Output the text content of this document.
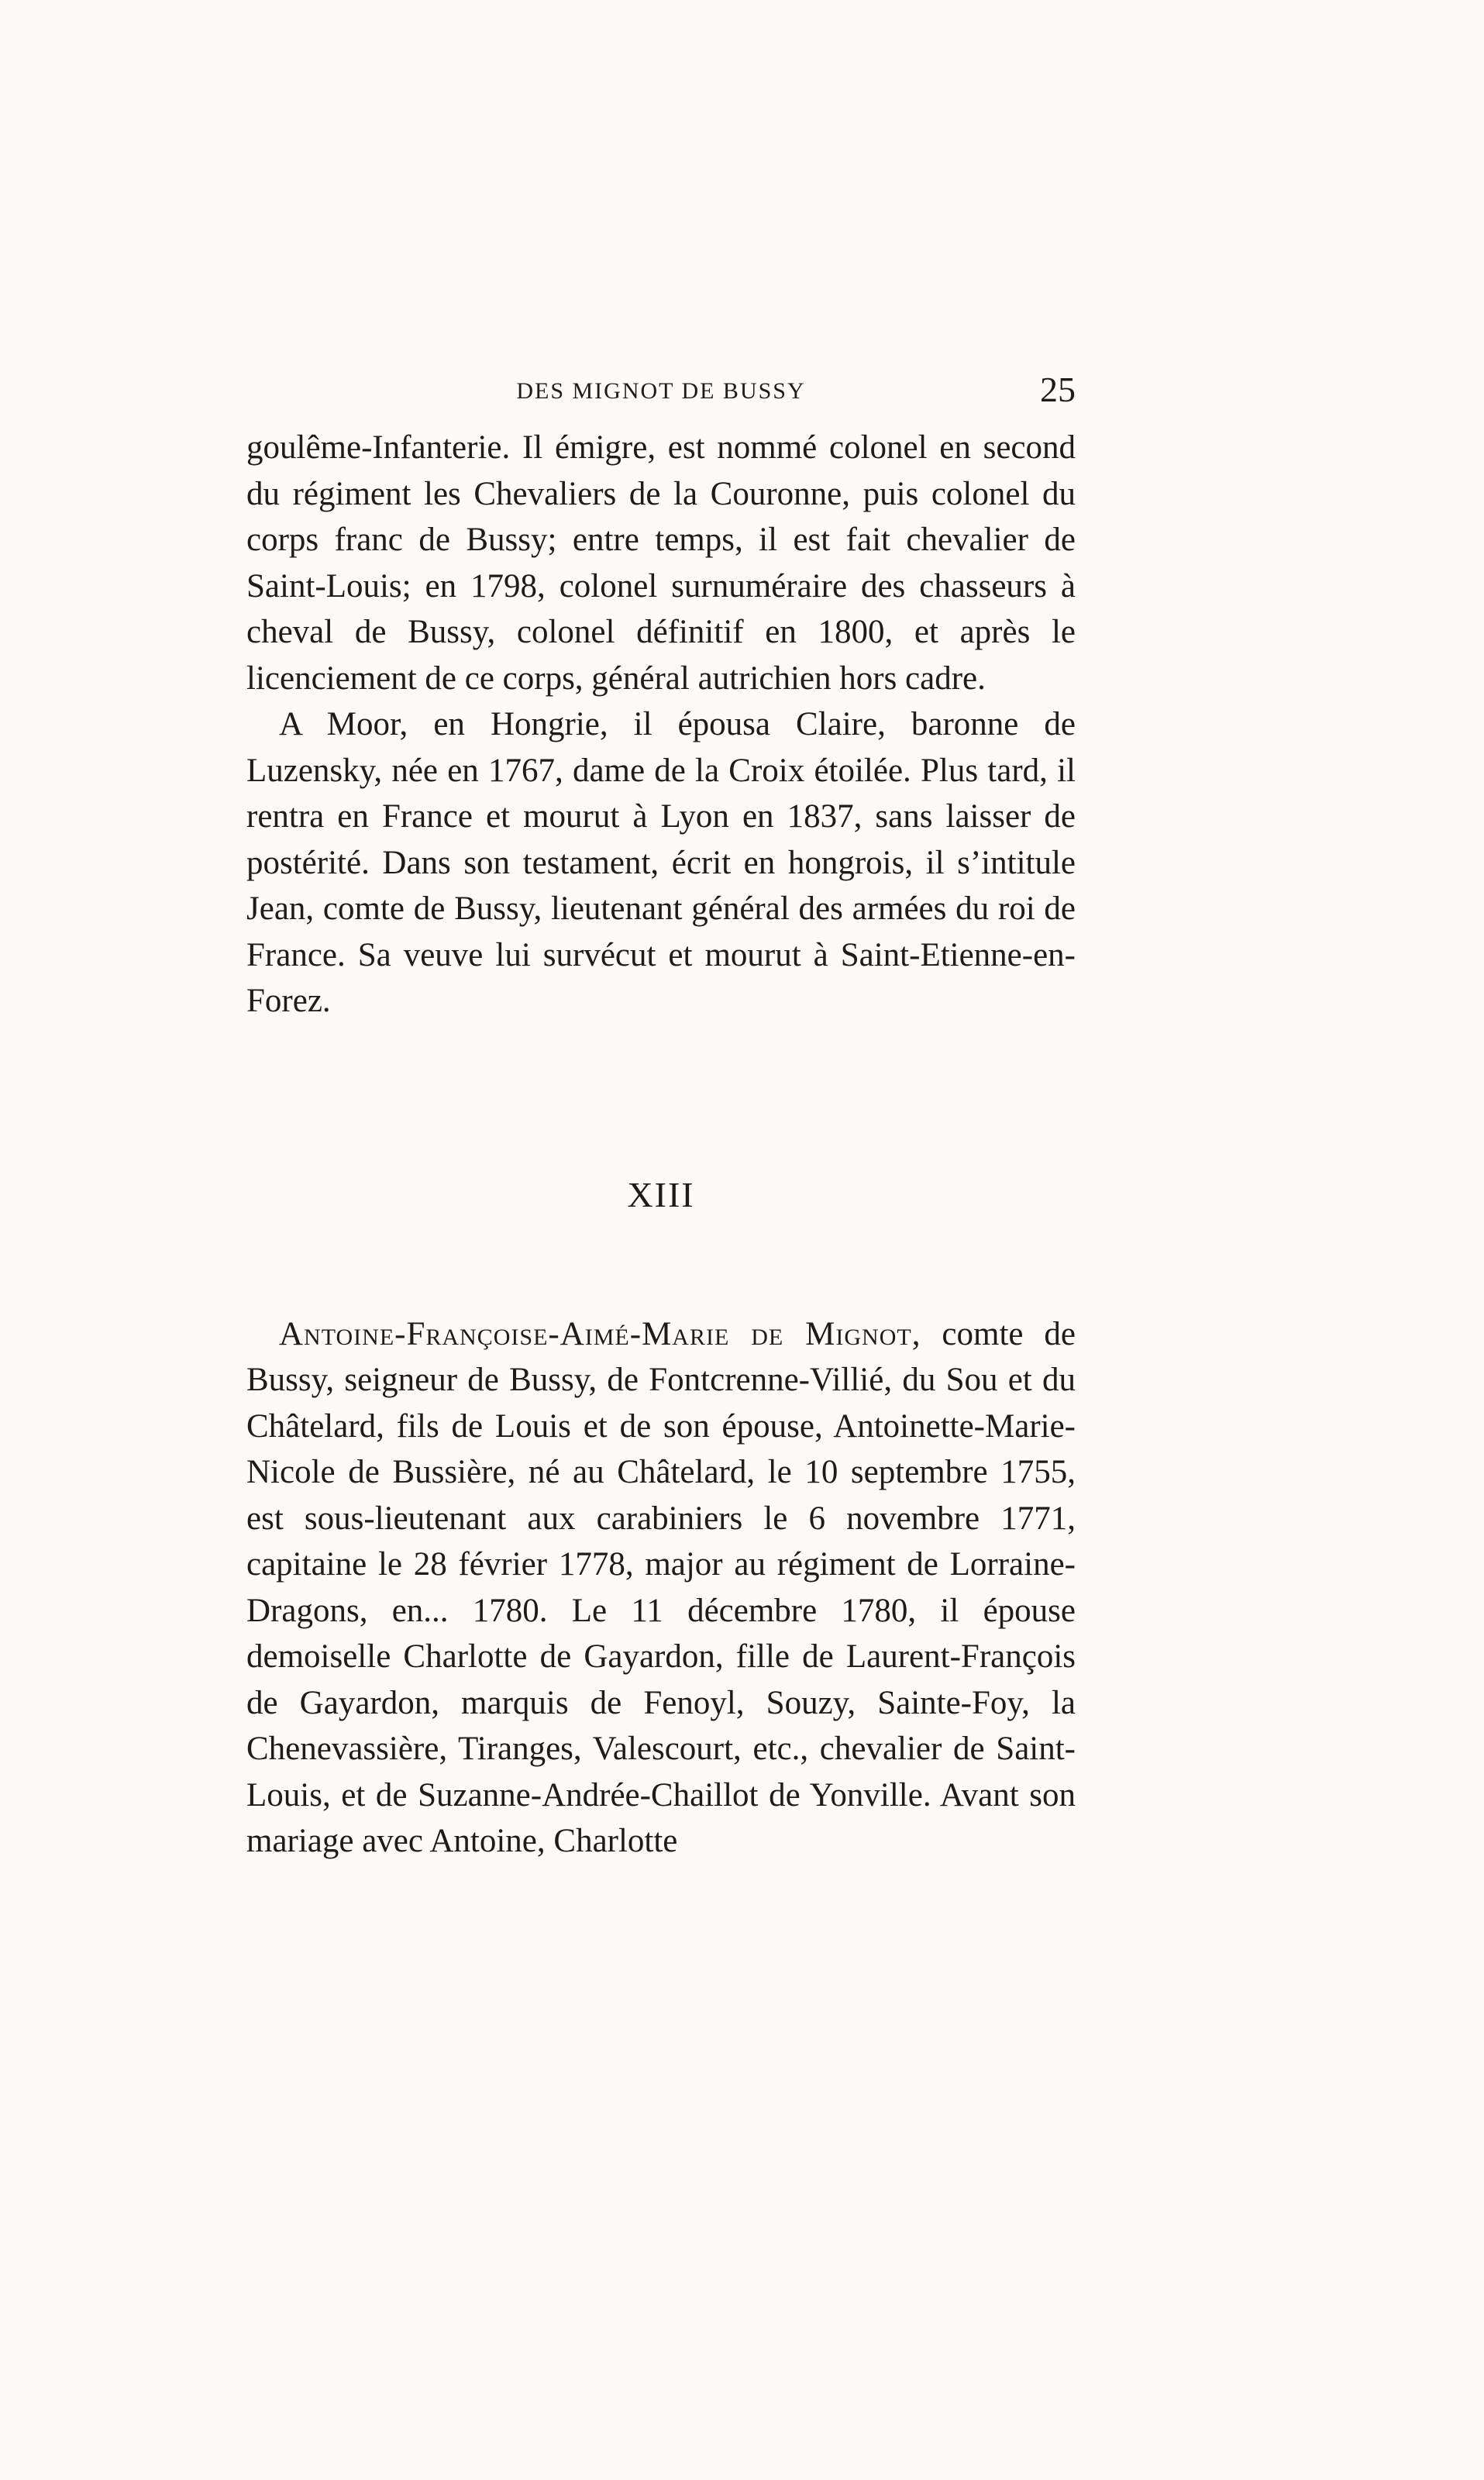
DES MIGNOT DE BUSSY	25

goulême-Infanterie. Il émigre, est nommé colonel en second du régiment les Chevaliers de la Couronne, puis colonel du corps franc de Bussy; entre temps, il est fait chevalier de Saint-Louis; en 1798, colonel surnuméraire des chasseurs à cheval de Bussy, colonel définitif en 1800, et après le licenciement de ce corps, général autrichien hors cadre.

A Moor, en Hongrie, il épousa Claire, baronne de Luzensky, née en 1767, dame de la Croix étoilée. Plus tard, il rentra en France et mourut à Lyon en 1837, sans laisser de postérité. Dans son testament, écrit en hongrois, il s’intitule Jean, comte de Bussy, lieutenant général des armées du roi de France. Sa veuve lui survécut et mourut à Saint-Etienne-en-Forez.

XIII

Antoine-Françoise-Aimé-Marie de Mignot, comte de Bussy, seigneur de Bussy, de Fontcrenne-Villié, du Sou et du Châtelard, fils de Louis et de son épouse, Antoinette-Marie-Nicole de Bussière, né au Châtelard, le 10 septembre 1755, est sous-lieutenant aux carabiniers le 6 novembre 1771, capitaine le 28 février 1778, major au régiment de Lorraine-Dragons, en... 1780. Le 11 décembre 1780, il épouse demoiselle Charlotte de Gayardon, fille de Laurent-François de Gayardon, marquis de Fenoyl, Souzy, Sainte-Foy, la Chenevassière, Tiranges, Valescourt, etc., chevalier de Saint-Louis, et de Suzanne-Andrée-Chaillot de Yonville. Avant son mariage avec Antoine, Charlotte
